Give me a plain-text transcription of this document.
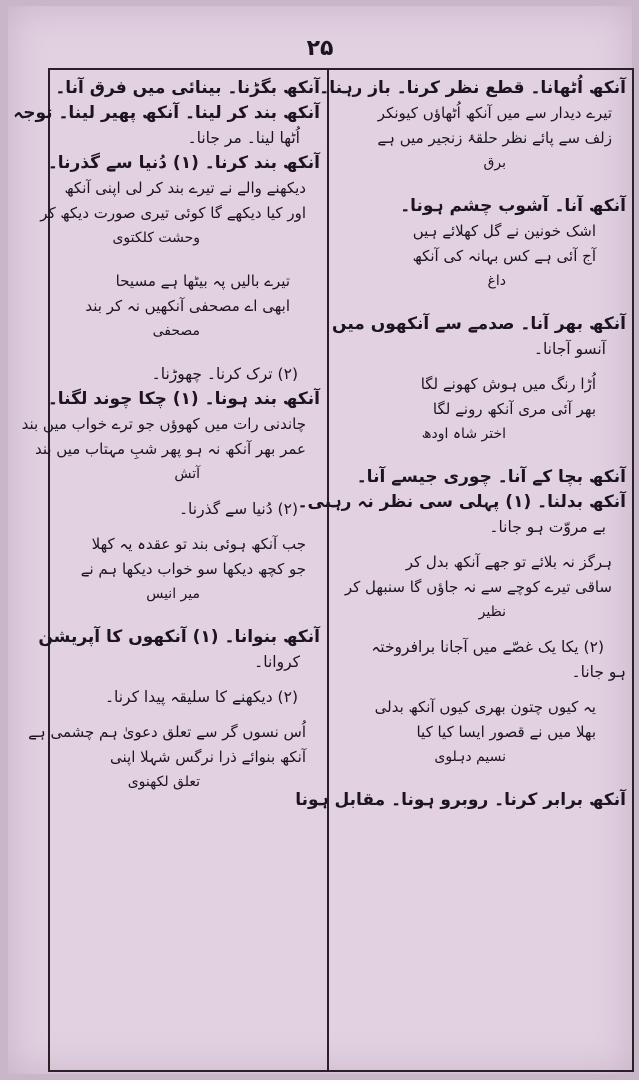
۲۵
آنکھ اُٹھانا۔ قطع نظر کرنا۔ باز رہنا۔
تیرے دیدار سے میں آنکھ اُٹھاؤں کیونکر
زلف سے پائے نظر حلقۂ زنجیر میں ہے
برق
آنکھ آنا۔ آشوب چشم ہونا۔
اشک خونین نے گل کھلائے ہیں
آج آئی ہے کس بہانہ کی آنکھ
داغ
آنکھ بھر آنا۔ صدمے سے آنکھوں میں
آنسو آجانا۔
اُڑا رنگ میں ہوش کھونے لگا
بھر آئی مری آنکھ رونے لگا
اختر شاہ اودھ
آنکھ بچا کے آنا۔ چوری جیسے آنا۔
آنکھ بدلنا۔ (۱) پہلی سی نظر نہ رہنی۔
بے مروّت ہو جانا۔
ہرگز نہ بلائے تو جھے آنکھ بدل کر
ساقی تیرے کوچے سے نہ جاؤں گا سنبھل کر
نظیر
(۲) یکا یک غصّے میں آجانا برافروختہ
ہو جانا۔
یہ کیوں چتون بھری کیوں آنکھ بدلی
بھلا میں نے قصور ایسا کیا کیا
نسیم دہلوی
آنکھ برابر کرنا۔ روبرو ہونا۔ مقابل ہونا
آنکھ بگڑنا۔ بینائی میں فرق آنا۔
آنکھ بند کر لینا۔ آنکھ پھیر لینا۔ توجہ
اُٹھا لینا۔ مر جانا۔
آنکھ بند کرنا۔ (۱) دُنیا سے گذرنا۔
دیکھنے والے نے تیرے بند کر لی اپنی آنکھ
اور کیا دیکھے گا کوئی تیری صورت دیکھ کر
وحشت کلکتوی
تیرے بالیں پہ بیٹھا ہے مسیحا
ابھی اے مصحفی آنکھیں نہ کر بند
مصحفی
(۲) ترک کرنا۔ چھوڑنا۔
آنکھ بند ہونا۔ (۱) چکا چوند لگنا۔
چاندنی رات میں کھوؤں جو ترے خواب میں بند
عمر بھر آنکھ نہ ہو پھر شبِ مہتاب میں بند
آتش
(۲) دُنیا سے گذرنا۔
جب آنکھ ہوئی بند تو عقدہ یہ کھلا
جو کچھ دیکھا سو خواب دیکھا ہم نے
میر انیس
آنکھ بنوانا۔ (۱) آنکھوں کا آپریشن
کروانا۔
(۲) دیکھنے کا سلیقہ پیدا کرنا۔
اُس نسوں گر سے تعلق دعویٰ ہم چشمی ہے
آنکھ بنوائے ذرا نرگس شہلا اپنی
تعلق لکھنوی
